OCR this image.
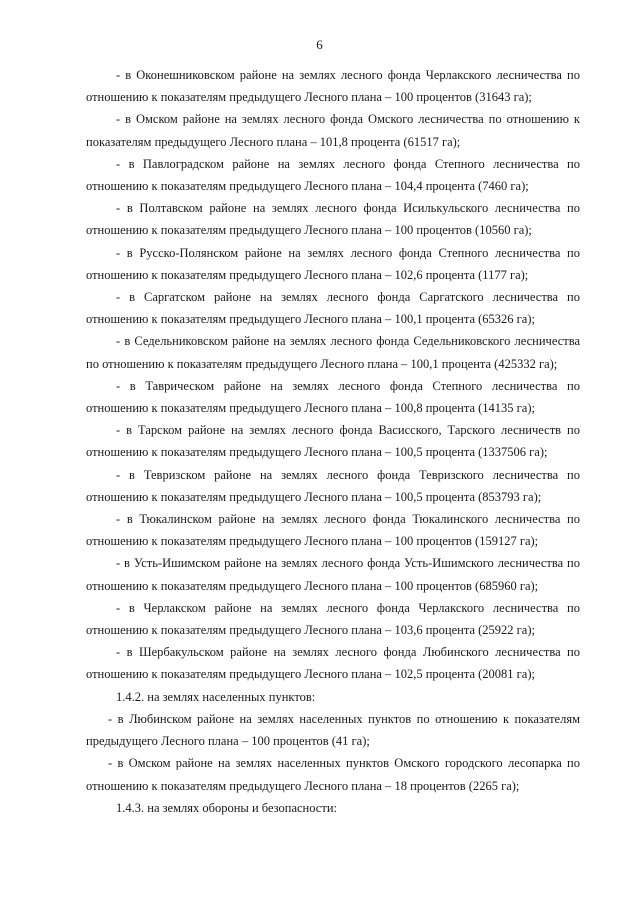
6

- в Оконешниковском районе на землях лесного фонда Черлакского лесничества по отношению к показателям предыдущего Лесного плана – 100 процентов (31643 га);

- в Омском районе на землях лесного фонда Омского лесничества по отношению к показателям предыдущего Лесного плана – 101,8 процента (61517 га);

- в Павлоградском районе на землях лесного фонда Степного лесничества по отношению к показателям предыдущего Лесного плана – 104,4 процента (7460 га);

- в Полтавском районе на землях лесного фонда Исилькульского лесничества по отношению к показателям предыдущего Лесного плана – 100 процентов (10560 га);

- в Русско-Полянском районе на землях лесного фонда Степного лесничества по отношению к показателям предыдущего Лесного плана – 102,6 процента (1177 га);

- в Саргатском районе на землях лесного фонда Саргатского лесничества по отношению к показателям предыдущего Лесного плана – 100,1 процента (65326 га);

- в Седельниковском районе на землях лесного фонда Седельниковского лесничества по отношению к показателям предыдущего Лесного плана – 100,1 процента (425332 га);

- в Таврическом районе на землях лесного фонда Степного лесничества по отношению к показателям предыдущего Лесного плана – 100,8 процента (14135 га);

- в Тарском районе на землях лесного фонда Васисского, Тарского лесничеств по отношению к показателям предыдущего Лесного плана – 100,5 процента (1337506 га);

- в Тевризском районе на землях лесного фонда Тевризского лесничества по отношению к показателям предыдущего Лесного плана – 100,5 процента (853793 га);

- в Тюкалинском районе на землях лесного фонда Тюкалинского лесничества по отношению к показателям предыдущего Лесного плана – 100 процентов (159127 га);

- в Усть-Ишимском районе на землях лесного фонда Усть-Ишимского лесничества по отношению к показателям предыдущего Лесного плана – 100 процентов (685960 га);

- в Черлакском районе на землях лесного фонда Черлакского лесничества по отношению к показателям предыдущего Лесного плана – 103,6 процента (25922 га);

- в Шербакульском районе на землях лесного фонда Любинского лесничества по отношению к показателям предыдущего Лесного плана – 102,5 процента (20081 га);

1.4.2. на землях населенных пунктов:

- в Любинском районе на землях населенных пунктов по отношению к показателям предыдущего Лесного плана – 100 процентов (41 га);

- в Омском районе на землях населенных пунктов Омского городского лесопарка по отношению к показателям предыдущего Лесного плана – 18 процентов (2265 га);

1.4.3. на землях обороны и безопасности:
